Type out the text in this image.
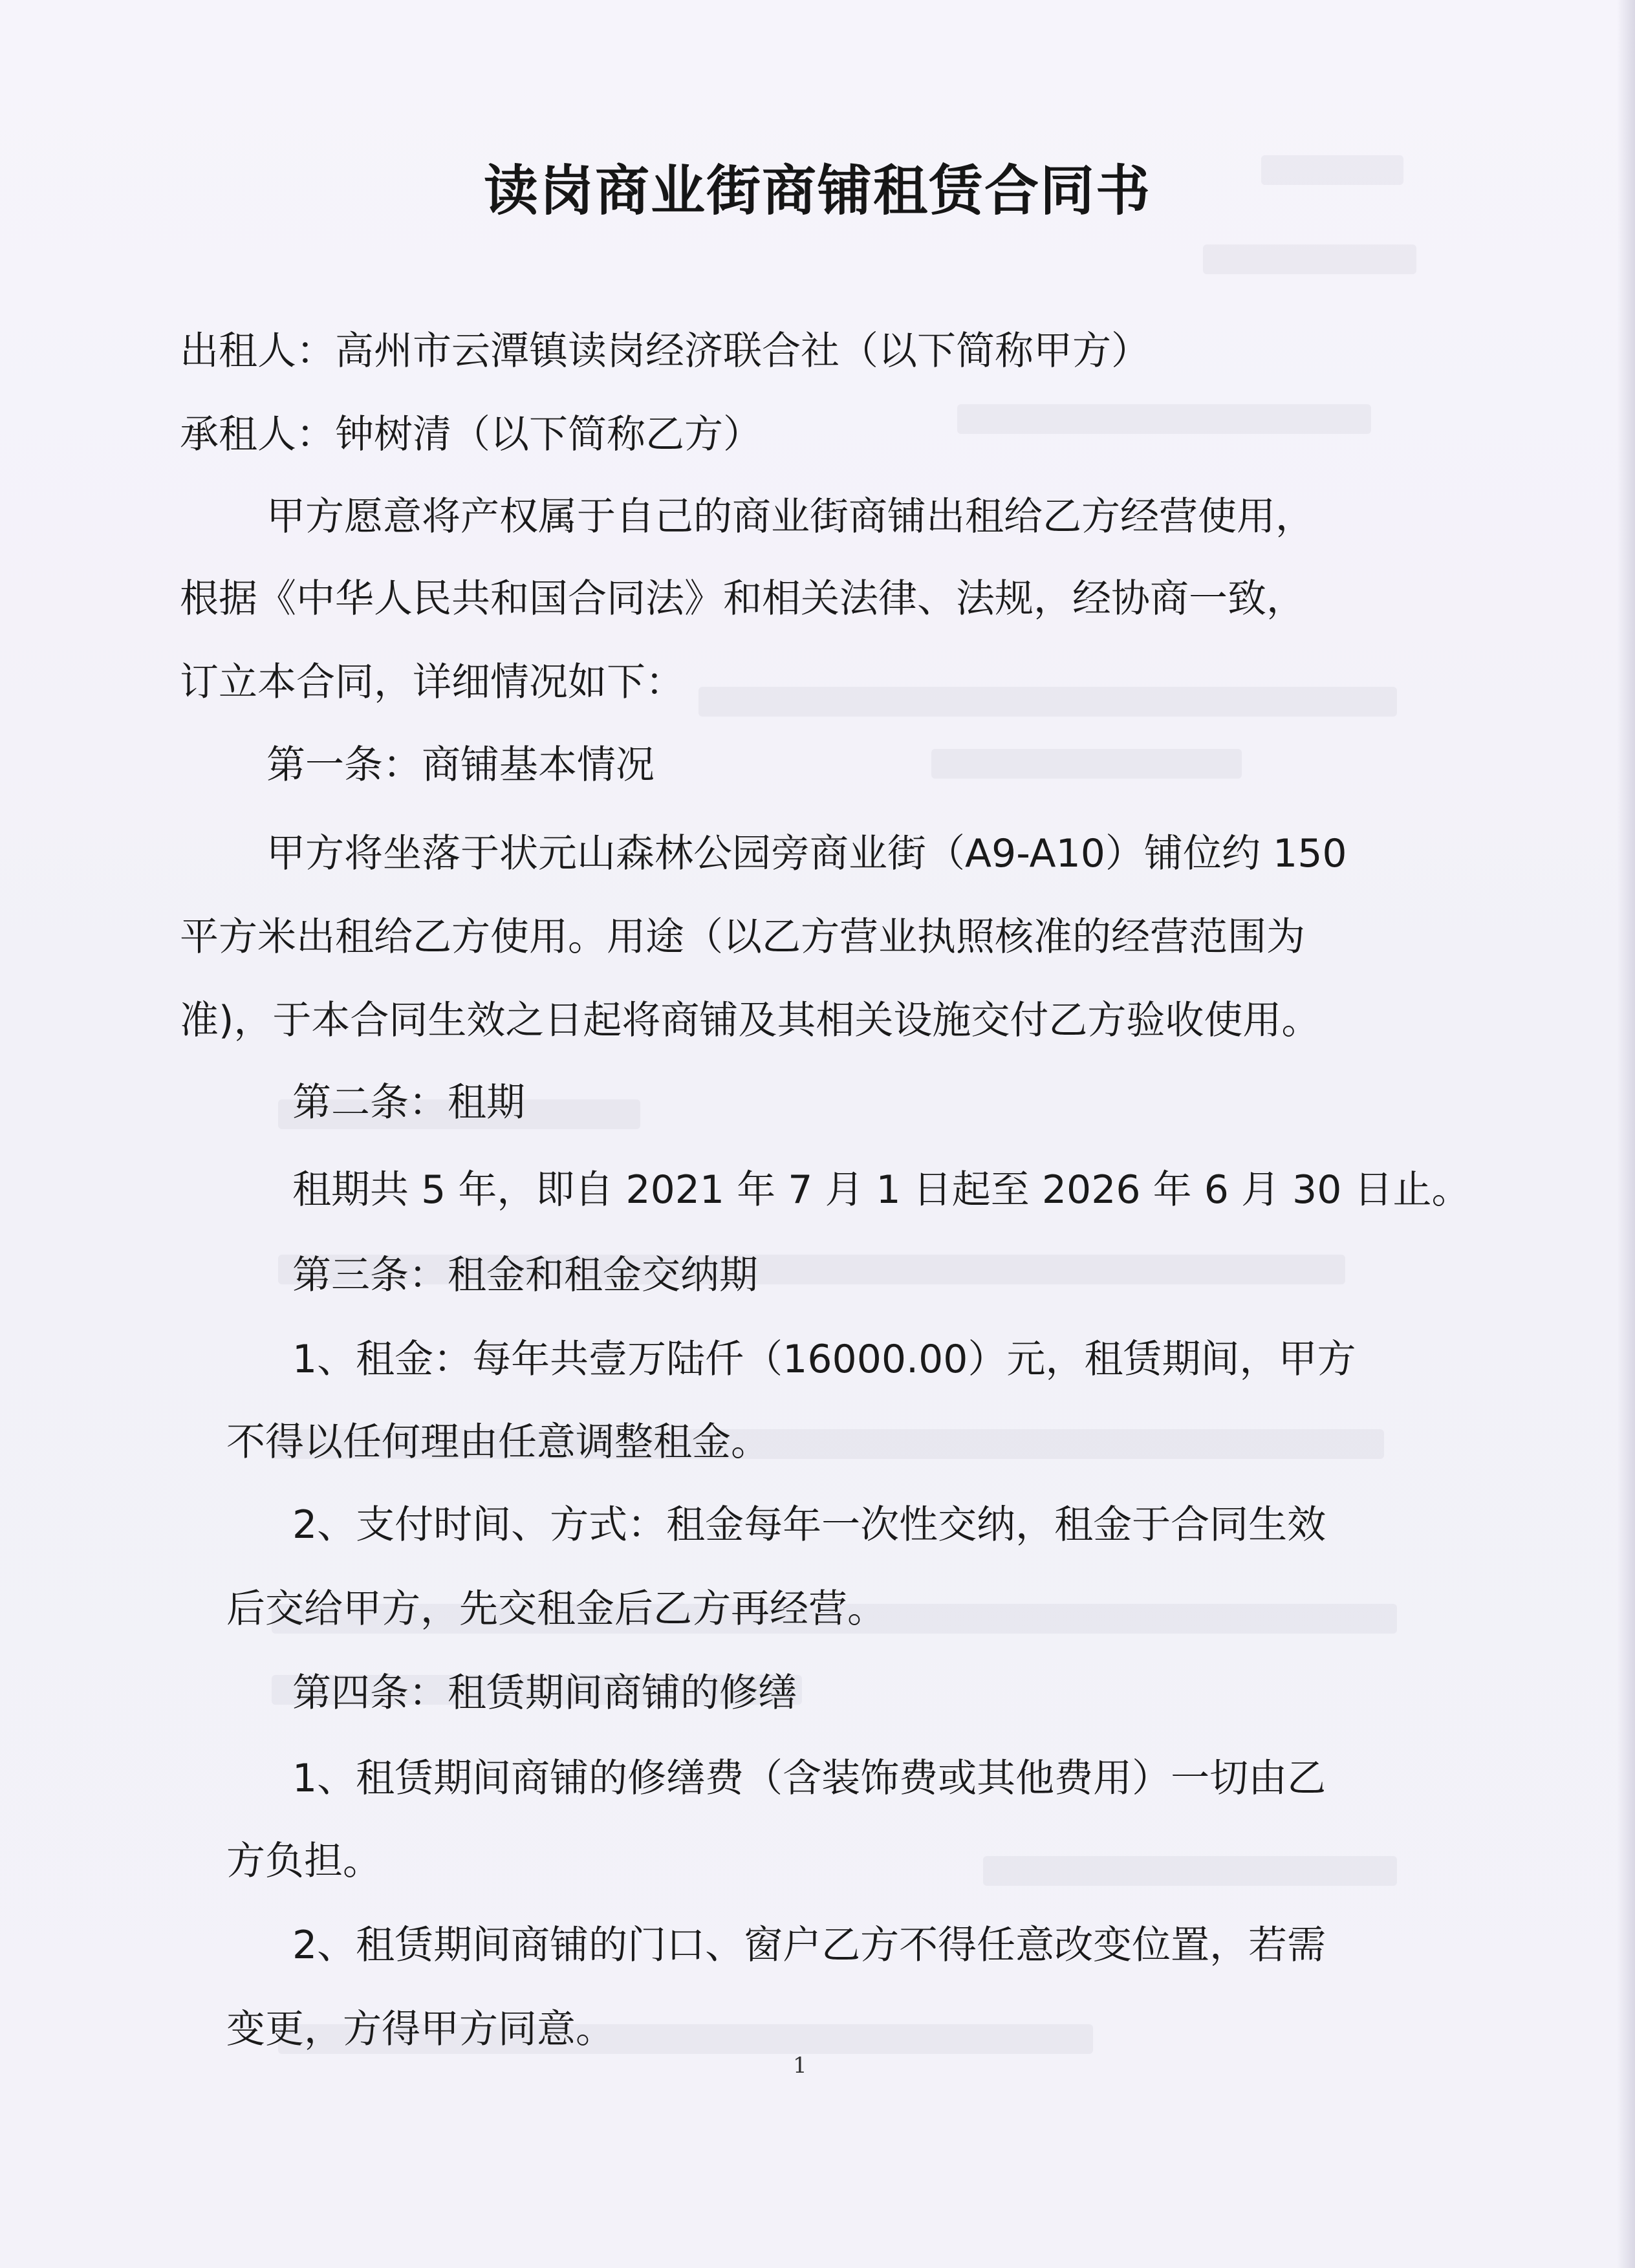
读岗商业街商铺租赁合同书
出租人：高州市云潭镇读岗经济联合社（以下简称甲方）
承租人：钟树清（以下简称乙方）
甲方愿意将产权属于自己的商业街商铺出租给乙方经营使用，
根据《中华人民共和国合同法》和相关法律、法规，经协商一致，
订立本合同，详细情况如下：
第一条：商铺基本情况
甲方将坐落于状元山森林公园旁商业街（A9-A10）铺位约 150
平方米出租给乙方使用。用途（以乙方营业执照核准的经营范围为
准)，于本合同生效之日起将商铺及其相关设施交付乙方验收使用。
第二条：租期
租期共 5 年，即自 2021 年 7 月 1 日起至 2026 年 6 月 30 日止。
第三条：租金和租金交纳期
1、租金：每年共壹万陆仟（16000.00）元，租赁期间，甲方
不得以任何理由任意调整租金。
2、支付时间、方式：租金每年一次性交纳，租金于合同生效
后交给甲方，先交租金后乙方再经营。
第四条：租赁期间商铺的修缮
1、租赁期间商铺的修缮费（含装饰费或其他费用）一切由乙
方负担。
2、租赁期间商铺的门口、窗户乙方不得任意改变位置，若需
变更，方得甲方同意。
1
